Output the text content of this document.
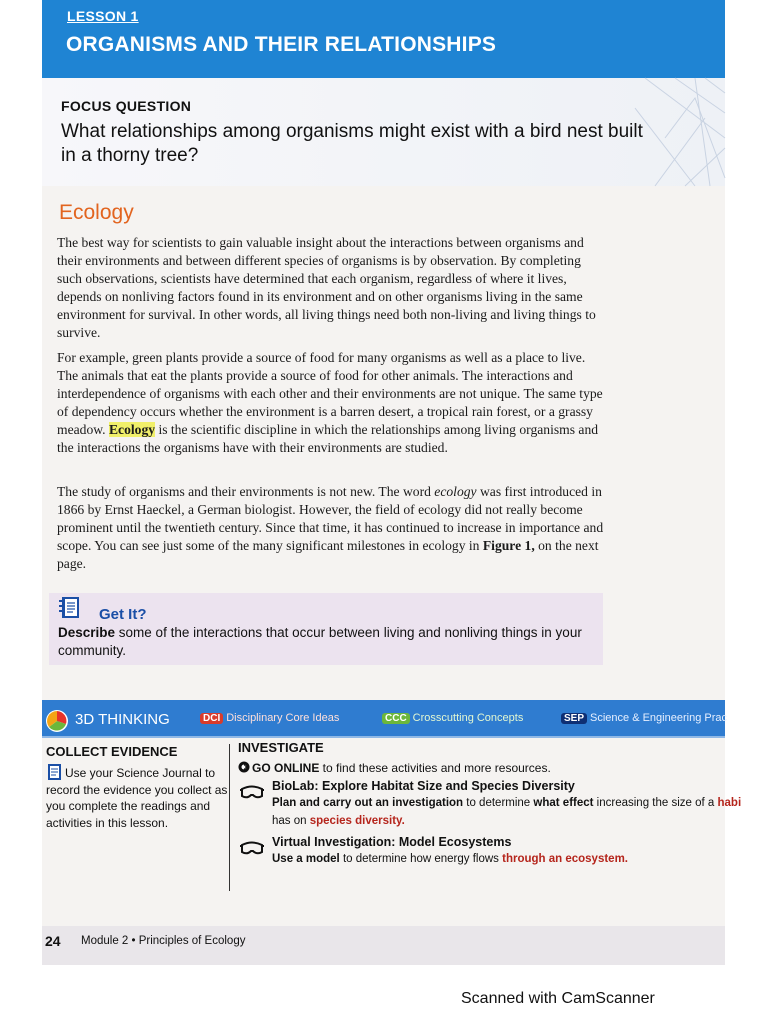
LESSON 1
ORGANISMS AND THEIR RELATIONSHIPS
FOCUS QUESTION
What relationships among organisms might exist with a bird nest built in a thorny tree?
Ecology

The best way for scientists to gain valuable insight about the interactions between organisms and their environments and between different species of organisms is by observation. By completing such observations, scientists have determined that each organism, regardless of where it lives, depends on nonliving factors found in its environment and on other organisms living in the same environment for survival. In other words, all living things need both non-living and living things to survive.

For example, green plants provide a source of food for many organisms as well as a place to live. The animals that eat the plants provide a source of food for other animals. The interactions and interdependence of organisms with each other and their environments are not unique. The same type of dependency occurs whether the environment is a barren desert, a tropical rain forest, or a grassy meadow. Ecology is the scientific discipline in which the relationships among living organisms and the interactions the organisms have with their environments are studied.

The study of organisms and their environments is not new. The word ecology was first introduced in 1866 by Ernst Haeckel, a German biologist. However, the field of ecology did not really become prominent until the twentieth century. Since that time, it has continued to increase in importance and scope. You can see just some of the many significant milestones in ecology in Figure 1, on the next page.

Get It?
Describe some of the interactions that occur between living and nonliving things in your community.
3D THINKING	DCI Disciplinary Core Ideas	CCC Crosscutting Concepts	SEP Science & Engineering Prac
COLLECT EVIDENCE
Use your Science Journal to record the evidence you collect as you complete the readings and activities in this lesson.
INVESTIGATE
GO ONLINE to find these activities and more resources.
BioLab: Explore Habitat Size and Species Diversity
Plan and carry out an investigation to determine what effect increasing the size of a habi
has on species diversity.
Virtual Investigation: Model Ecosystems
Use a model to determine how energy flows through an ecosystem.
24 Module 2 • Principles of Ecology
Scanned with CamScanner
